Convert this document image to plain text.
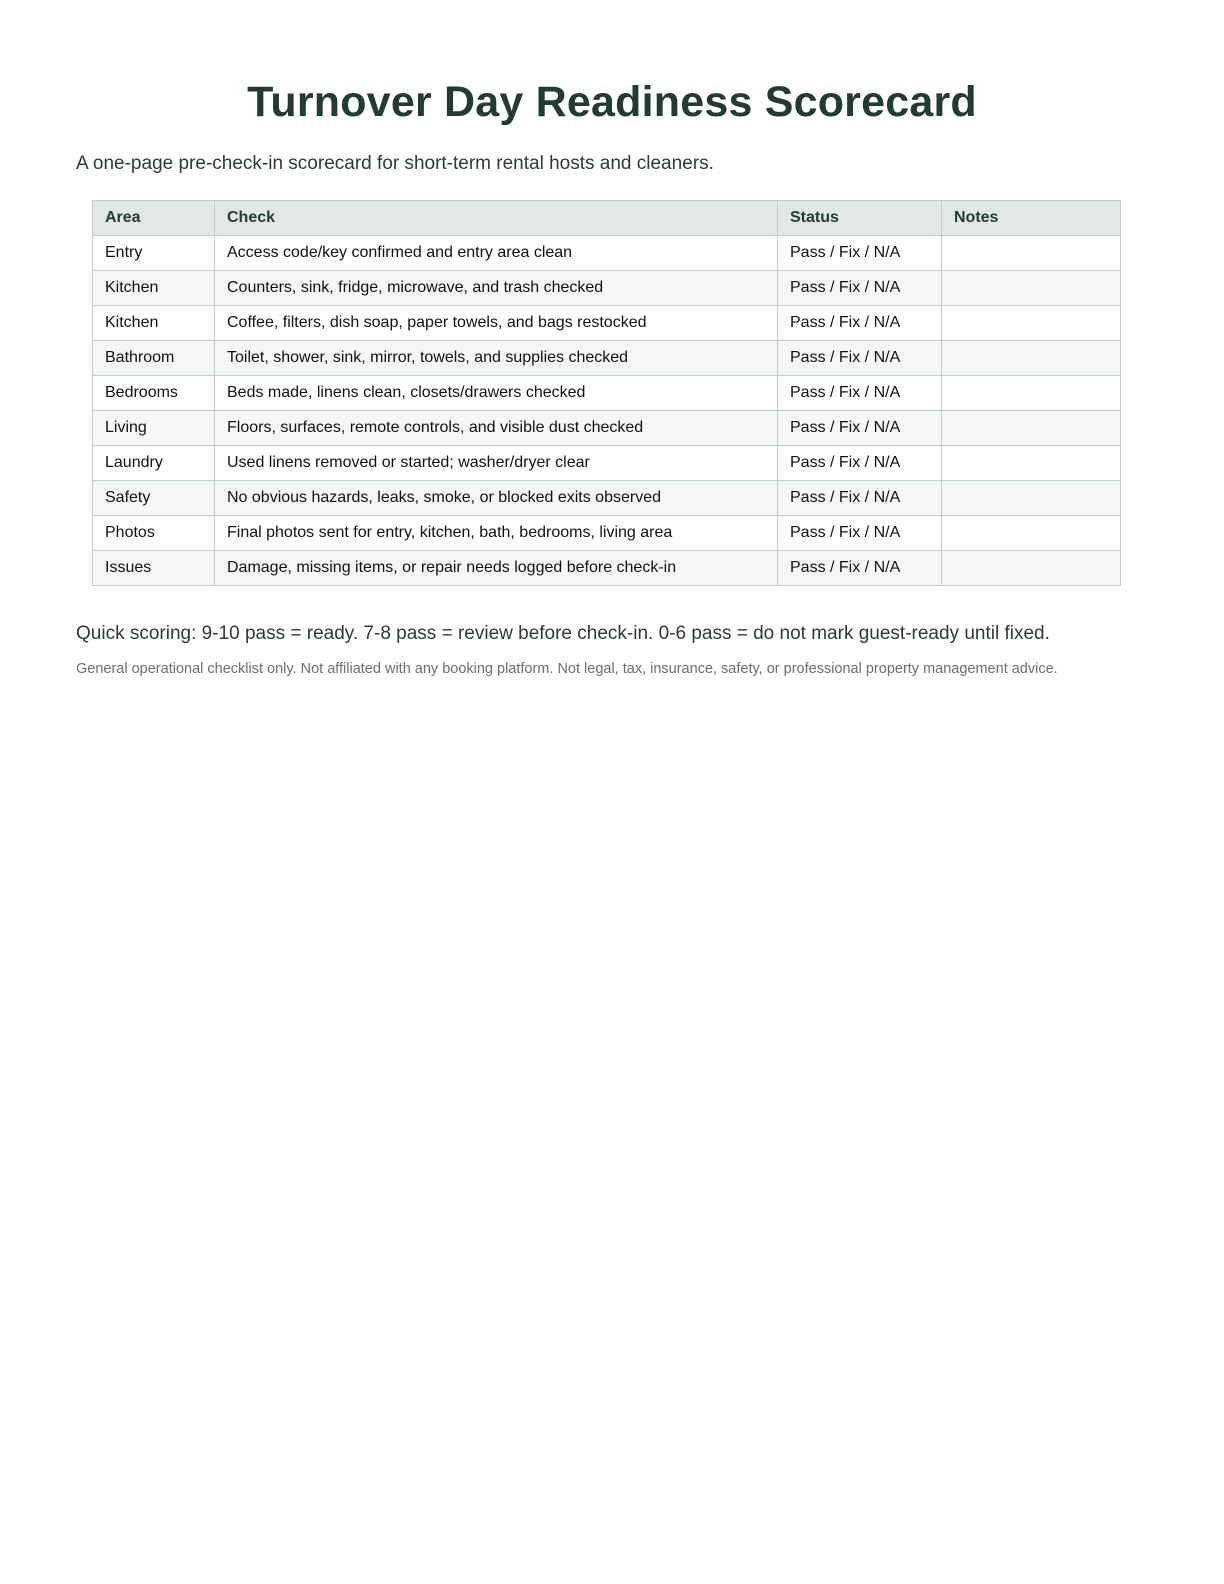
Turnover Day Readiness Scorecard

A one-page pre-check-in scorecard for short-term rental hosts and cleaners.

Area	Check	Status	Notes
Entry	Access code/key confirmed and entry area clean	Pass / Fix / N/A	
Kitchen	Counters, sink, fridge, microwave, and trash checked	Pass / Fix / N/A	
Kitchen	Coffee, filters, dish soap, paper towels, and bags restocked	Pass / Fix / N/A	
Bathroom	Toilet, shower, sink, mirror, towels, and supplies checked	Pass / Fix / N/A	
Bedrooms	Beds made, linens clean, closets/drawers checked	Pass / Fix / N/A	
Living	Floors, surfaces, remote controls, and visible dust checked	Pass / Fix / N/A	
Laundry	Used linens removed or started; washer/dryer clear	Pass / Fix / N/A	
Safety	No obvious hazards, leaks, smoke, or blocked exits observed	Pass / Fix / N/A	
Photos	Final photos sent for entry, kitchen, bath, bedrooms, living area	Pass / Fix / N/A	
Issues	Damage, missing items, or repair needs logged before check-in	Pass / Fix / N/A	

Quick scoring: 9-10 pass = ready. 7-8 pass = review before check-in. 0-6 pass = do not mark guest-ready until fixed.

General operational checklist only. Not affiliated with any booking platform. Not legal, tax, insurance, safety, or professional property management advice.
